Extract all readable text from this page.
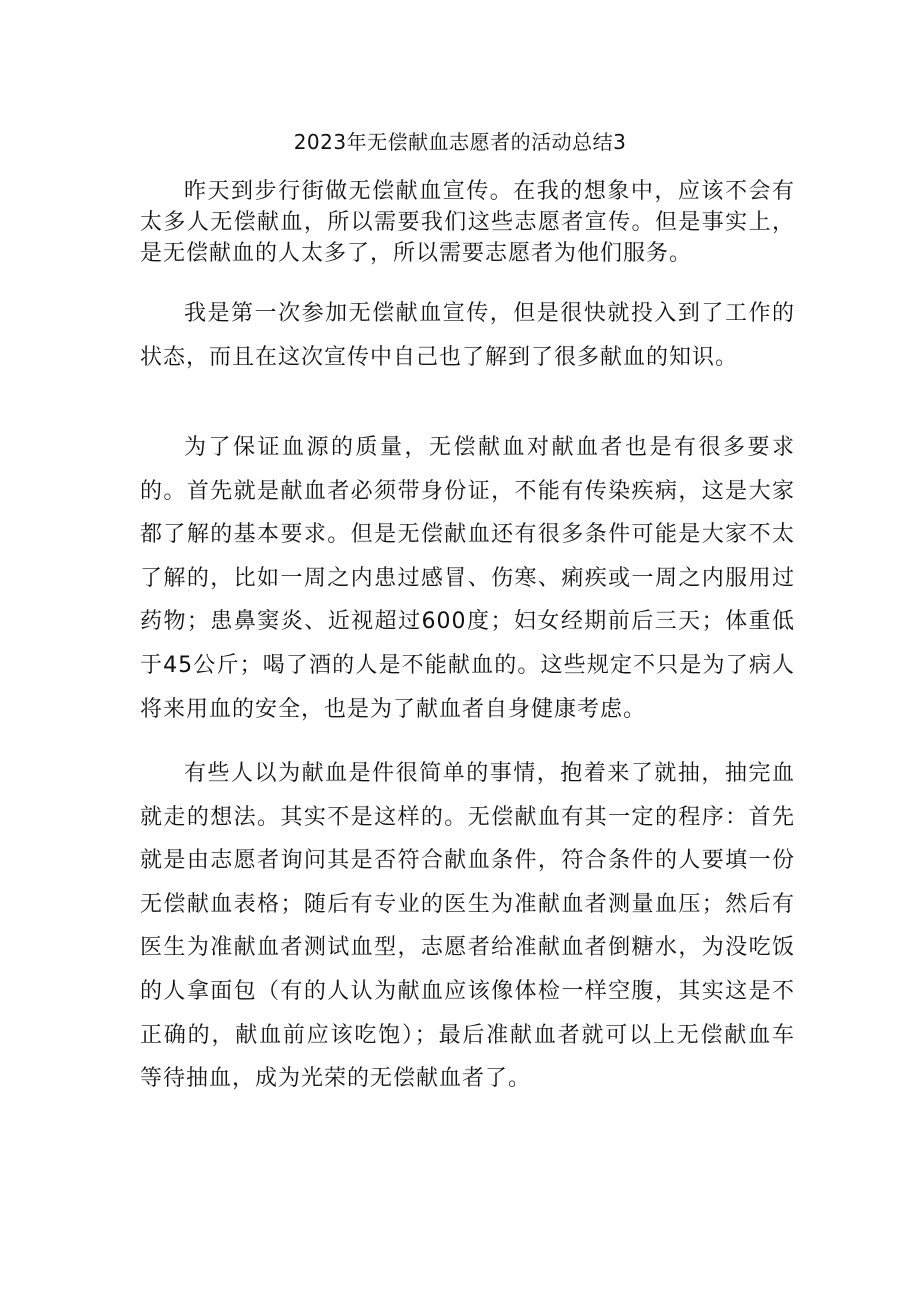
2023年无偿献血志愿者的活动总结3

昨天到步行街做无偿献血宣传。在我的想象中，应该不会有太多人无偿献血，所以需要我们这些志愿者宣传。但是事实上，是无偿献血的人太多了，所以需要志愿者为他们服务。

我是第一次参加无偿献血宣传，但是很快就投入到了工作的状态，而且在这次宣传中自己也了解到了很多献血的知识。

为了保证血源的质量，无偿献血对献血者也是有很多要求的。首先就是献血者必须带身份证，不能有传染疾病，这是大家都了解的基本要求。但是无偿献血还有很多条件可能是大家不太了解的，比如一周之内患过感冒、伤寒、痢疾或一周之内服用过药物；患鼻窦炎、近视超过600度；妇女经期前后三天；体重低于45公斤；喝了酒的人是不能献血的。这些规定不只是为了病人将来用血的安全，也是为了献血者自身健康考虑。

有些人以为献血是件很简单的事情，抱着来了就抽，抽完血就走的想法。其实不是这样的。无偿献血有其一定的程序：首先就是由志愿者询问其是否符合献血条件，符合条件的人要填一份无偿献血表格；随后有专业的医生为准献血者测量血压；然后有医生为准献血者测试血型，志愿者给准献血者倒糖水，为没吃饭的人拿面包（有的人认为献血应该像体检一样空腹，其实这是不正确的，献血前应该吃饱）；最后准献血者就可以上无偿献血车等待抽血，成为光荣的无偿献血者了。
